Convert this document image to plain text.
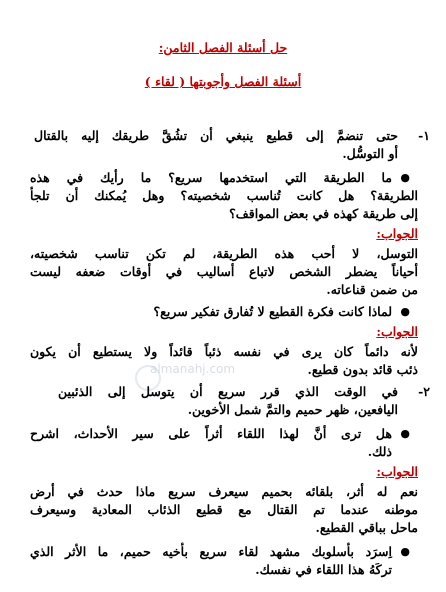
almanahj.com
حل أسئلة الفصل الثامن:
أسئلة الفصل وأجوبتها ( لقاء )
١-
حتى تنضمَّ إلى قطيع ينبغي أن تشُقَّ طريقك إليه بالقتال
أو التوسُّل.
●
ما الطريقة التي استخدمها سريع؟ ما رأيك في هذه
الطريقة؟ هل كانت تُناسب شخصيته؟ وهل يُمكنك أن تلجأ
إلى طريقة كهذه في بعض المواقف؟
الجواب:
التوسل، لا أحب هذه الطريقة، لم تكن تناسب شخصيته،
أحياناً يضطر الشخص لاتباع أساليب في أوقات ضعفه ليست
من ضمن قناعاته.
●
لماذا كانت فكرة القطيع لا تُفارق تفكير سريع؟
الجواب:
لأنه دائماً كان يرى في نفسه ذئباً قائداً ولا يستطيع أن يكون
ذئب قائد بدون قطيع.
٢-
في الوقت الذي قرر سريع أن يتوسل إلى الذئبين
اليافعين، ظهر حميم والتمَّ شمل الأخوين.
●
هل ترى أنَّ لهذا اللقاء أثراً على سير الأحداث، اشرح
ذلك.
الجواب:
نعم له أثر، بلقائه بحميم سيعرف سريع ماذا حدث في أرض
موطنه عندما تم القتال مع قطيع الذئاب المعادية وسيعرف
ماحل بباقي القطيع.
●
اِسرَد بأسلوبك مشهد لقاء سريع بأخيه حميم، ما الأثر الذي
تركَهُ هذا اللقاء في نفسك.
